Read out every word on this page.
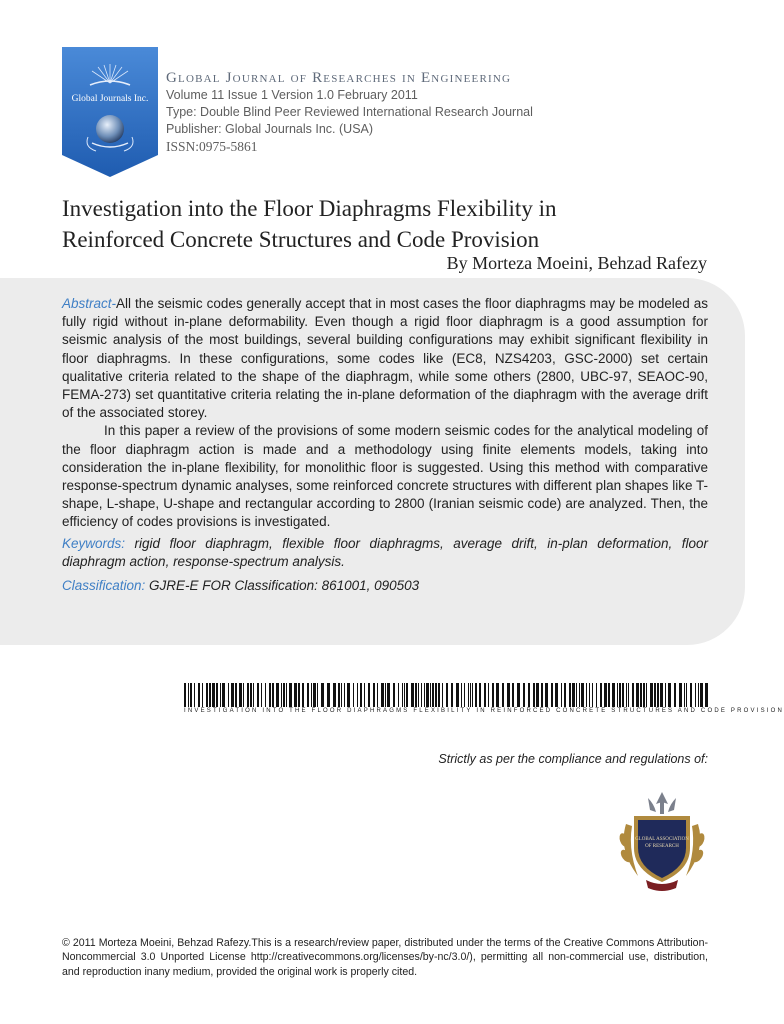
Global Journals Inc.
Global Journal of Researches in Engineering
Volume 11 Issue 1 Version 1.0 February 2011
Type: Double Blind Peer Reviewed International Research Journal
Publisher: Global Journals Inc. (USA)
ISSN:0975-5861
Investigation into the Floor Diaphragms Flexibility in
Reinforced Concrete Structures and Code Provision
By Morteza Moeini, Behzad Rafezy

Abstract-All the seismic codes generally accept that in most cases the floor diaphragms may be modeled as fully rigid without in-plane deformability. Even though a rigid floor diaphragm is a good assumption for seismic analysis of the most buildings, several building configurations may exhibit significant flexibility in floor diaphragms. In these configurations, some codes like (EC8, NZS4203, GSC-2000) set certain qualitative criteria related to the shape of the diaphragm, while some others (2800, UBC-97, SEAOC-90, FEMA-273) set quantitative criteria relating the in-plane deformation of the diaphragm with the average drift of the associated storey.

In this paper a review of the provisions of some modern seismic codes for the analytical modeling of the floor diaphragm action is made and a methodology using finite elements models, taking into consideration the in-plane flexibility, for monolithic floor is suggested. Using this method with comparative response-spectrum dynamic analyses, some reinforced concrete structures with different plan shapes like T-shape, L-shape, U-shape and rectangular according to 2800 (Iranian seismic code) are analyzed. Then, the efficiency of codes provisions is investigated.

Keywords: rigid floor diaphragm, flexible floor diaphragms, average drift, in-plan deformation, floor diaphragm action, response-spectrum analysis.

Classification: GJRE-E FOR Classification: 861001, 090503

INVESTIGATION INTO THE FLOOR DIAPHRAGMS FLEXIBILITY IN REINFORCED CONCRETE STRUCTURES AND CODE PROVISION
Strictly as per the compliance and regulations of:
GLOBAL ASSOCIATION
OF RESEARCH
© 2011 Morteza Moeini, Behzad Rafezy.This is a research/review paper, distributed under the terms of the Creative Commons Attribution-Noncommercial 3.0 Unported License http://creativecommons.org/licenses/by-nc/3.0/), permitting all non-commercial use, distribution, and reproduction inany medium, provided the original work is properly cited.
